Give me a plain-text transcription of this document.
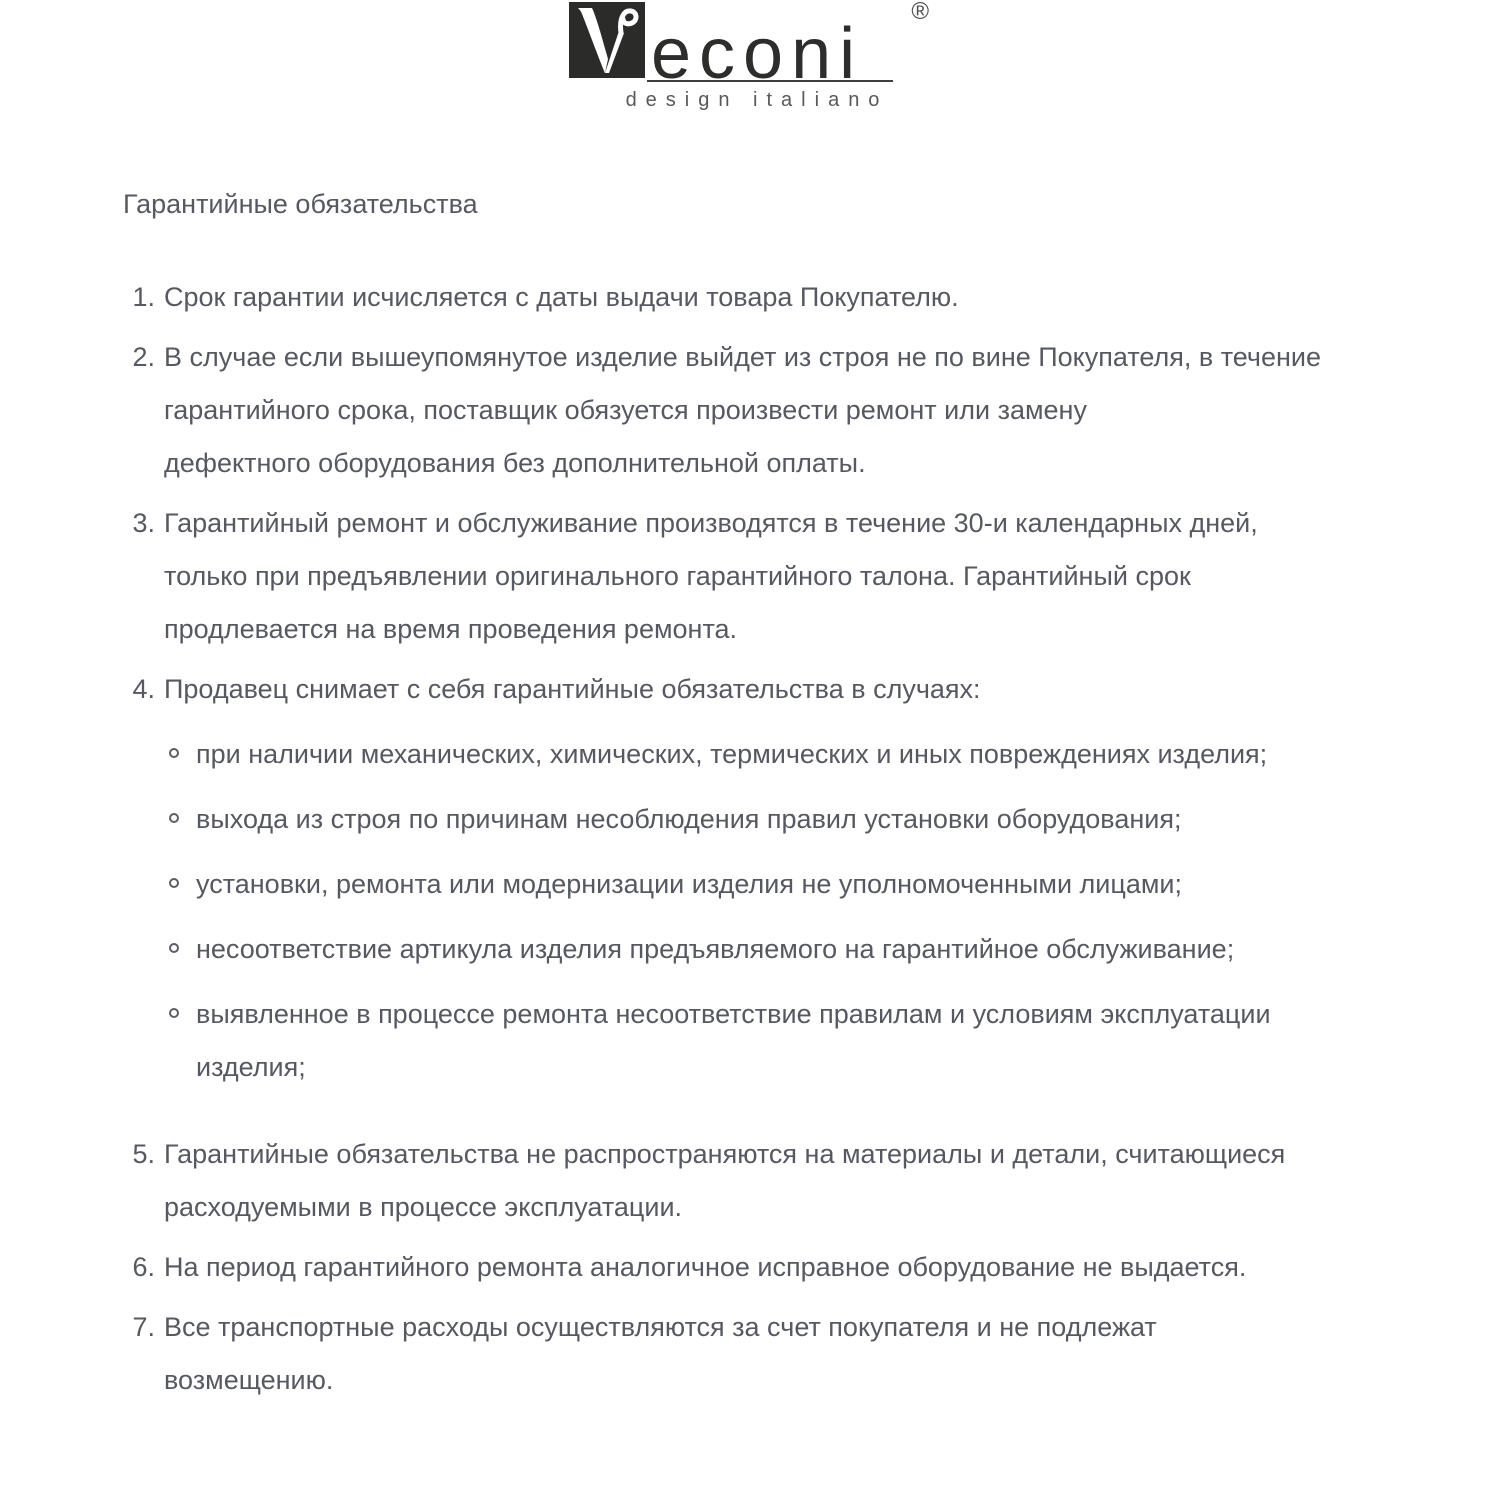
econi
®
design italiano
Гарантийные обязательства
1. Срок гарантии исчисляется с даты выдачи товара Покупателю.
2. В случае если вышеупомянутое изделие выйдет из строя не по вине Покупателя, в течение
гарантийного срока, поставщик обязуется произвести ремонт или замену
дефектного оборудования без дополнительной оплаты.
3. Гарантийный ремонт и обслуживание производятся в течение 30-и календарных дней,
только при предъявлении оригинального гарантийного талона. Гарантийный срок
продлевается на время проведения ремонта.
4. Продавец снимает с себя гарантийные обязательства в случаях:
при наличии механических, химических, термических и иных повреждениях изделия;
выхода из строя по причинам несоблюдения правил установки оборудования;
установки, ремонта или модернизации изделия не уполномоченными лицами;
несоответствие артикула изделия предъявляемого на гарантийное обслуживание;
выявленное в процессе ремонта несоответствие правилам и условиям эксплуатации
изделия;
5. Гарантийные обязательства не распространяются на материалы и детали, считающиеся
расходуемыми в процессе эксплуатации.
6. На период гарантийного ремонта аналогичное исправное оборудование не выдается.
7. Все транспортные расходы осуществляются за счет покупателя и не подлежат
возмещению.
